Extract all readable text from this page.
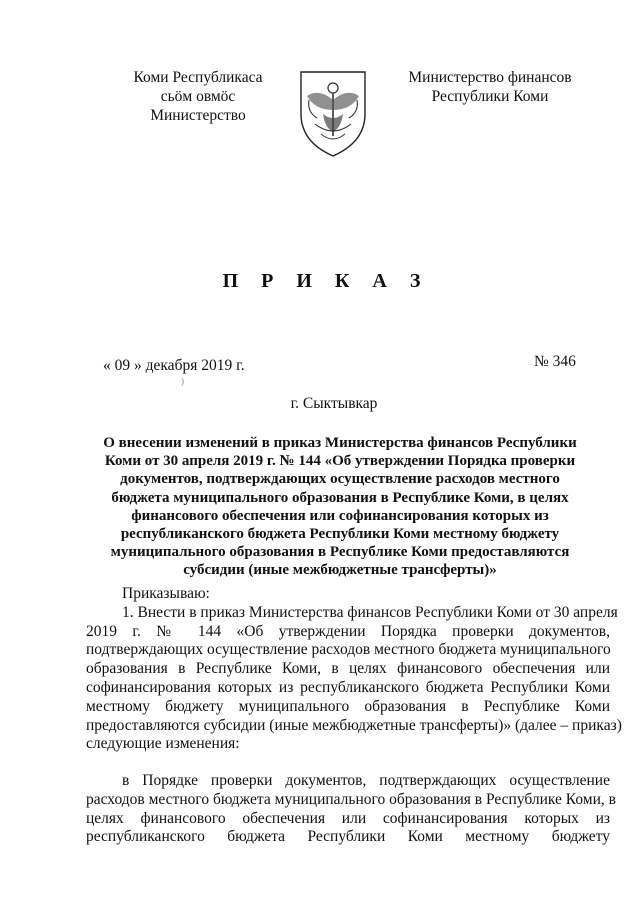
Коми Республикаса
сьӧм овмӧс
Министерство
Министерство финансов
Республики Коми
П Р И К А З
« 09 » декабря 2019 г.	№ 346
)
г. Сыктывкар
О внесении изменений в приказ Министерства финансов Республики
Коми от 30 апреля 2019 г. № 144 «Об утверждении Порядка проверки
документов, подтверждающих осуществление расходов местного
бюджета муниципального образования в Республике Коми, в целях
финансового обеспечения или софинансирования которых из
республиканского бюджета Республики Коми местному бюджету
муниципального образования в Республике Коми предоставляются
субсидии (иные межбюджетные трансферты)»
Приказываю:
1. Внести в приказ Министерства финансов Республики Коми от 30 апреля
2019 г. № 144 «Об утверждении Порядка проверки документов,
подтверждающих осуществление расходов местного бюджета муниципального
образования в Республике Коми, в целях финансового обеспечения или
софинансирования которых из республиканского бюджета Республики Коми
местному бюджету муниципального образования в Республике Коми
предоставляются субсидии (иные межбюджетные трансферты)» (далее – приказ)
следующие изменения:
в Порядке проверки документов, подтверждающих осуществление
расходов местного бюджета муниципального образования в Республике Коми, в
целях финансового обеспечения или софинансирования которых из
республиканского бюджета Республики Коми местному бюджету
